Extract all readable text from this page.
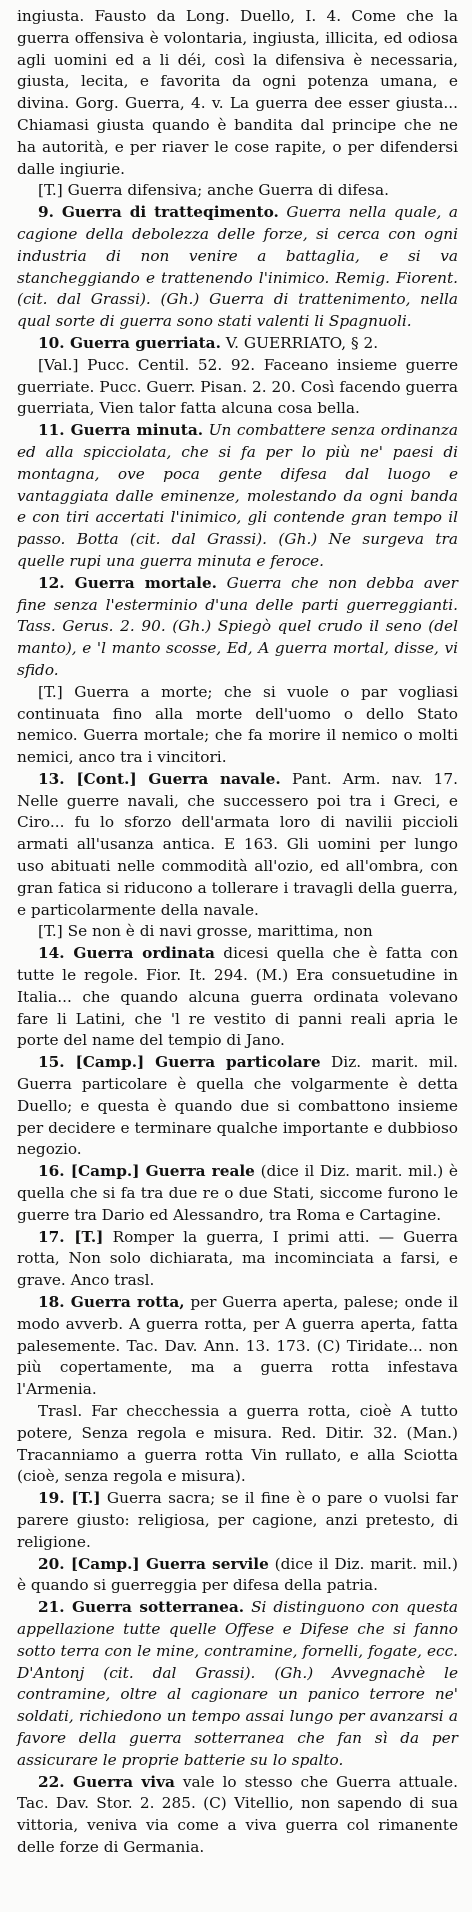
ingiusta. Fausto da Long. Duello, I. 4. Come che la guerra offensiva è volontaria, ingiusta, illicita, ed odiosa agli uomini ed a li déi, così la difensiva è necessaria, giusta, lecita, e favorita da ogni potenza umana, e divina. Gorg. Guerra, 4. v. La guerra dee esser giusta... Chiamasi giusta quando è bandita dal principe che ne ha autorità, e per riaver le cose rapite, o per difendersi dalle ingiurie.

[T.] Guerra difensiva; anche Guerra di difesa.

9. Guerra di tratteqimento. Guerra nella quale, a cagione della debolezza delle forze, si cerca con ogni industria di non venire a battaglia, e si va stancheggiando e trattenendo l'inimico. Remig. Fiorent. (cit. dal Grassi). (Gh.) Guerra di trattenimento, nella qual sorte di guerra sono stati valenti li Spagnuoli.

10. Guerra guerriata. V. GUERRIATO, § 2.

[Val.] Pucc. Centil. 52. 92. Faceano insieme guerre guerriate. Pucc. Guerr. Pisan. 2. 20. Così facendo guerra guerriata, Vien talor fatta alcuna cosa bella.

11. Guerra minuta. Un combattere senza ordinanza ed alla spicciolata, che si fa per lo più ne' paesi di montagna, ove poca gente difesa dal luogo e vantaggiata dalle eminenze, molestando da ogni banda e con tiri accertati l'inimico, gli contende gran tempo il passo. Botta (cit. dal Grassi). (Gh.) Ne surgeva tra quelle rupi una guerra minuta e feroce.

12. Guerra mortale. Guerra che non debba aver fine senza l'esterminio d'una delle parti guerreggianti. Tass. Gerus. 2. 90. (Gh.) Spiegò quel crudo il seno (del manto), e 'l manto scosse, Ed, A guerra mortal, disse, vi sfido.

[T.] Guerra a morte; che si vuole o par vogliasi continuata fino alla morte dell'uomo o dello Stato nemico. Guerra mortale; che fa morire il nemico o molti nemici, anco tra i vincitori.

13. [Cont.] Guerra navale. Pant. Arm. nav. 17. Nelle guerre navali, che successero poi tra i Greci, e Ciro... fu lo sforzo dell'armata loro di navilii piccioli armati all'usanza antica. E 163. Gli uomini per lungo uso abituati nelle commodità all'ozio, ed all'ombra, con gran fatica si riducono a tollerare i travagli della guerra, e particolarmente della navale.

[T.] Se non è di navi grosse, marittima, non

14. Guerra ordinata dicesi quella che è fatta con tutte le regole. Fior. It. 294. (M.) Era consuetudine in Italia... che quando alcuna guerra ordinata volevano fare li Latini, che 'l re vestito di panni reali apria le porte del name del tempio di Jano.

15. [Camp.] Guerra particolare Diz. marit. mil. Guerra particolare è quella che volgarmente è detta Duello; e questa è quando due si combattono insieme per decidere e terminare qualche importante e dubbioso negozio.

16. [Camp.] Guerra reale (dice il Diz. marit. mil.) è quella che si fa tra due re o due Stati, siccome furono le guerre tra Dario ed Alessandro, tra Roma e Cartagine.

17. [T.] Romper la guerra, I primi atti. — Guerra rotta, Non solo dichiarata, ma incominciata a farsi, e grave. Anco trasl.

18. Guerra rotta, per Guerra aperta, palese; onde il modo avverb. A guerra rotta, per A guerra aperta, fatta palesemente. Tac. Dav. Ann. 13. 173. (C) Tiridate... non più copertamente, ma a guerra rotta infestava l'Armenia.

Trasl. Far checchessia a guerra rotta, cioè A tutto potere, Senza regola e misura. Red. Ditir. 32. (Man.) Tracanniamo a guerra rotta Vin rullato, e alla Sciotta (cioè, senza regola e misura).

19. [T.] Guerra sacra; se il fine è o pare o vuolsi far parere giusto: religiosa, per cagione, anzi pretesto, di religione.

20. [Camp.] Guerra servile (dice il Diz. marit. mil.) è quando si guerreggia per difesa della patria.

21. Guerra sotterranea. Si distinguono con questa appellazione tutte quelle Offese e Difese che si fanno sotto terra con le mine, contramine, fornelli, fogate, ecc. D'Antonj (cit. dal Grassi). (Gh.) Avvegnachè le contramine, oltre al cagionare un panico terrore ne' soldati, richiedono un tempo assai lungo per avanzarsi a favore della guerra sotterranea che fan sì da per assicurare le proprie batterie su lo spalto.

22. Guerra viva vale lo stesso che Guerra attuale. Tac. Dav. Stor. 2. 285. (C) Vitellio, non sapendo di sua vittoria, veniva via come a viva guerra col rimanente delle forze di Germania.
